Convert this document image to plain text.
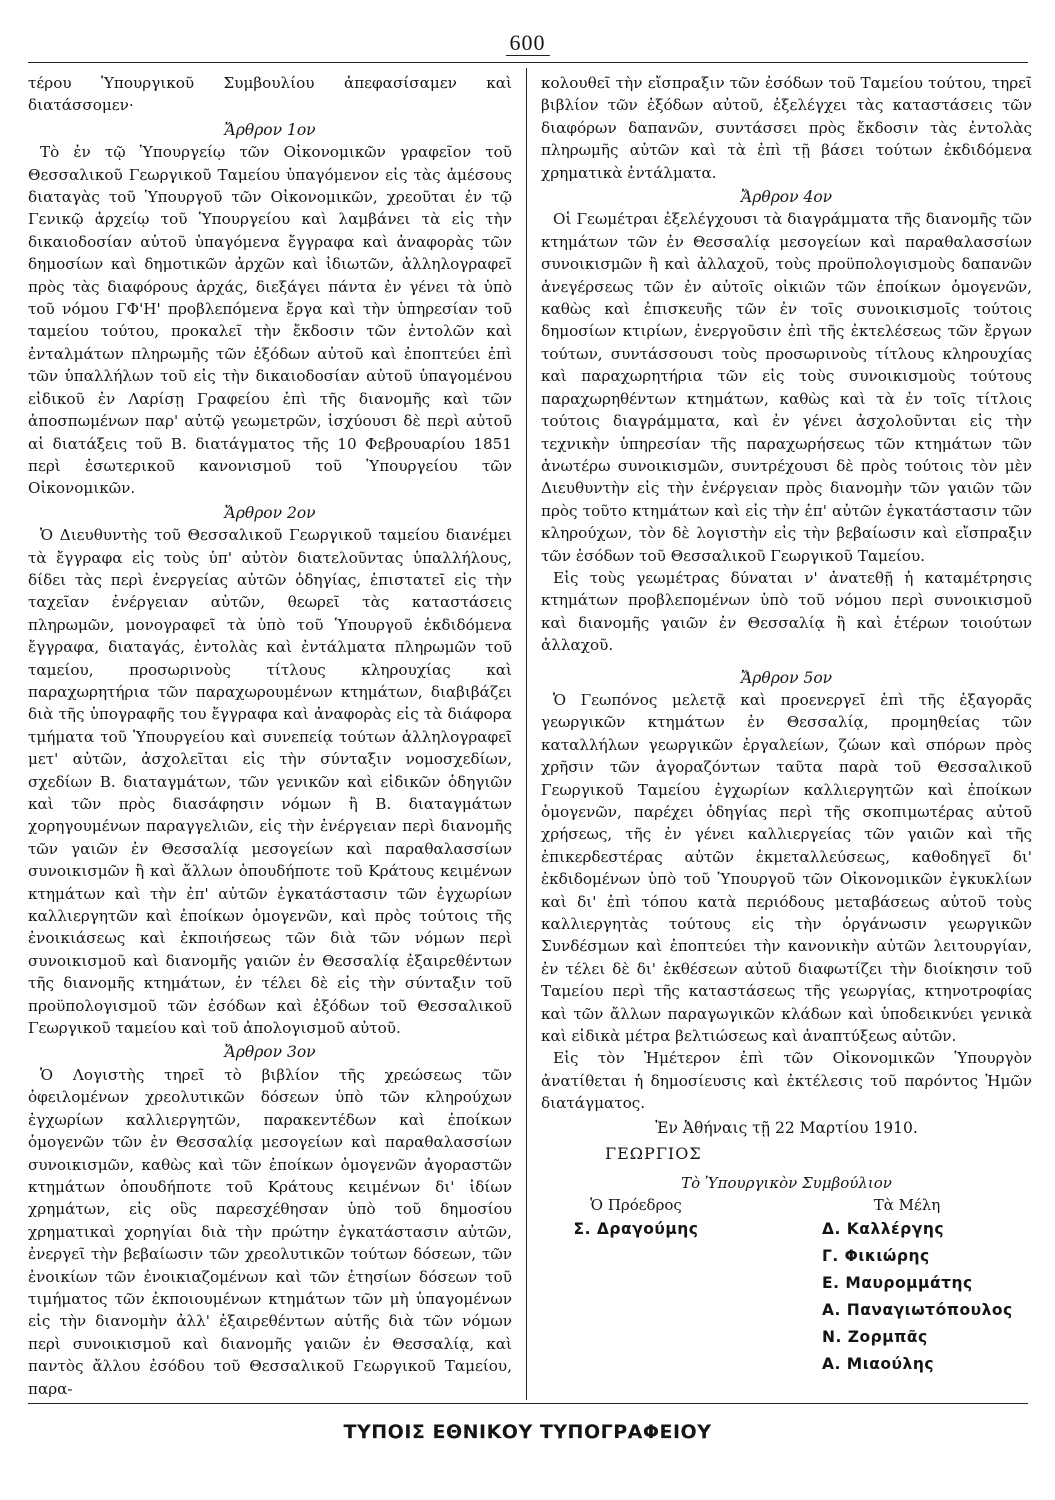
600

τέρου Ὑπουργικοῦ Συμβουλίου ἀπεφασίσαμεν καὶ διατάσσομεν·

Ἄρθρον 1ον

Τὸ ἐν τῷ Ὑπουργείῳ τῶν Οἰκονομικῶν γραφεῖον τοῦ Θεσσαλικοῦ Γεωργικοῦ Ταμείου ὑπαγόμενον εἰς τὰς ἀμέσους διαταγὰς τοῦ Ὑπουργοῦ τῶν Οἰκονομικῶν, χρεοῦται ἐν τῷ Γενικῷ ἀρχείῳ τοῦ Ὑπουργείου καὶ λαμβάνει τὰ εἰς τὴν δικαιοδοσίαν αὐτοῦ ὑπαγόμενα ἔγγραφα καὶ ἀναφορὰς τῶν δημοσίων καὶ δημοτικῶν ἀρχῶν καὶ ἰδιωτῶν, ἀλληλογραφεῖ πρὸς τὰς διαφόρους ἀρχάς, διεξάγει πάντα ἐν γένει τὰ ὑπὸ τοῦ νόμου ΓΦ'Η' προβλεπόμενα ἔργα καὶ τὴν ὑπηρεσίαν τοῦ ταμείου τούτου, προκαλεῖ τὴν ἔκδοσιν τῶν ἐντολῶν καὶ ἐνταλμάτων πληρωμῆς τῶν ἐξόδων αὐτοῦ καὶ ἐποπτεύει ἐπὶ τῶν ὑπαλλήλων τοῦ εἰς τὴν δικαιοδοσίαν αὐτοῦ ὑπαγομένου εἰδικοῦ ἐν Λαρίσῃ Γραφείου ἐπὶ τῆς διανομῆς καὶ τῶν ἀποσπωμένων παρ' αὐτῷ γεωμετρῶν, ἰσχύουσι δὲ περὶ αὐτοῦ αἱ διατάξεις τοῦ Β. διατάγματος τῆς 10 Φεβρουαρίου 1851 περὶ ἐσωτερικοῦ κανονισμοῦ τοῦ Ὑπουργείου τῶν Οἰκονομικῶν.

Ἄρθρον 2ον

Ὁ Διευθυντὴς τοῦ Θεσσαλικοῦ Γεωργικοῦ ταμείου διανέμει τὰ ἔγγραφα εἰς τοὺς ὑπ' αὐτὸν διατελοῦντας ὑπαλλήλους, δίδει τὰς περὶ ἐνεργείας αὐτῶν ὁδηγίας, ἐπιστατεῖ εἰς τὴν ταχεῖαν ἐνέργειαν αὐτῶν, θεωρεῖ τὰς καταστάσεις πληρωμῶν, μονογραφεῖ τὰ ὑπὸ τοῦ Ὑπουργοῦ ἐκδιδόμενα ἔγγραφα, διαταγάς, ἐντολὰς καὶ ἐντάλματα πληρωμῶν τοῦ ταμείου, προσωρινοὺς τίτλους κληρουχίας καὶ παραχωρητήρια τῶν παραχωρουμένων κτημάτων, διαβιβάζει διὰ τῆς ὑπογραφῆς του ἔγγραφα καὶ ἀναφορὰς εἰς τὰ διάφορα τμήματα τοῦ Ὑπουργείου καὶ συνεπείᾳ τούτων ἀλληλογραφεῖ μετ' αὐτῶν, ἀσχολεῖται εἰς τὴν σύνταξιν νομοσχεδίων, σχεδίων Β. διαταγμάτων, τῶν γενικῶν καὶ εἰδικῶν ὁδηγιῶν καὶ τῶν πρὸς διασάφησιν νόμων ἢ Β. διαταγμάτων χορηγουμένων παραγγελιῶν, εἰς τὴν ἐνέργειαν περὶ διανομῆς τῶν γαιῶν ἐν Θεσσαλίᾳ μεσογείων καὶ παραθαλασσίων συνοικισμῶν ἢ καὶ ἄλλων ὁπουδήποτε τοῦ Κράτους κειμένων κτημάτων καὶ τὴν ἐπ' αὐτῶν ἐγκατάστασιν τῶν ἐγχωρίων καλλιεργητῶν καὶ ἐποίκων ὁμογενῶν, καὶ πρὸς τούτοις τῆς ἐνοικιάσεως καὶ ἐκποιήσεως τῶν διὰ τῶν νόμων περὶ συνοικισμοῦ καὶ διανομῆς γαιῶν ἐν Θεσσαλίᾳ ἐξαιρεθέντων τῆς διανομῆς κτημάτων, ἐν τέλει δὲ εἰς τὴν σύνταξιν τοῦ προϋπολογισμοῦ τῶν ἐσόδων καὶ ἐξόδων τοῦ Θεσσαλικοῦ Γεωργικοῦ ταμείου καὶ τοῦ ἀπολογισμοῦ αὐτοῦ.

Ἄρθρον 3ον

Ὁ Λογιστὴς τηρεῖ τὸ βιβλίον τῆς χρεώσεως τῶν ὀφειλομένων χρεολυτικῶν δόσεων ὑπὸ τῶν κληρούχων ἐγχωρίων καλλιεργητῶν, παρακεντέδων καὶ ἐποίκων ὁμογενῶν τῶν ἐν Θεσσαλίᾳ μεσογείων καὶ παραθαλασσίων συνοικισμῶν, καθὼς καὶ τῶν ἐποίκων ὁμογενῶν ἀγοραστῶν κτημάτων ὁπουδήποτε τοῦ Κράτους κειμένων δι' ἰδίων χρημάτων, εἰς οὓς παρεσχέθησαν ὑπὸ τοῦ δημοσίου χρηματικαὶ χορηγίαι διὰ τὴν πρώτην ἐγκατάστασιν αὐτῶν, ἐνεργεῖ τὴν βεβαίωσιν τῶν χρεολυτικῶν τούτων δόσεων, τῶν ἐνοικίων τῶν ἐνοικιαζομένων καὶ τῶν ἐτησίων δόσεων τοῦ τιμήματος τῶν ἐκποιουμένων κτημάτων τῶν μὴ ὑπαγομένων εἰς τὴν διανομὴν ἀλλ' ἐξαιρεθέντων αὐτῆς διὰ τῶν νόμων περὶ συνοικισμοῦ καὶ διανομῆς γαιῶν ἐν Θεσσαλίᾳ, καὶ παντὸς ἄλλου ἐσόδου τοῦ Θεσσαλικοῦ Γεωργικοῦ Ταμείου, παρα-

κολουθεῖ τὴν εἴσπραξιν τῶν ἐσόδων τοῦ Ταμείου τούτου, τηρεῖ βιβλίον τῶν ἐξόδων αὐτοῦ, ἐξελέγχει τὰς καταστάσεις τῶν διαφόρων δαπανῶν, συντάσσει πρὸς ἔκδοσιν τὰς ἐντολὰς πληρωμῆς αὐτῶν καὶ τὰ ἐπὶ τῇ βάσει τούτων ἐκδιδόμενα χρηματικὰ ἐντάλματα.

Ἄρθρον 4ον

Οἱ Γεωμέτραι ἐξελέγχουσι τὰ διαγράμματα τῆς διανομῆς τῶν κτημάτων τῶν ἐν Θεσσαλίᾳ μεσογείων καὶ παραθαλασσίων συνοικισμῶν ἢ καὶ ἀλλαχοῦ, τοὺς προϋπολογισμοὺς δαπανῶν ἀνεγέρσεως τῶν ἐν αὐτοῖς οἰκιῶν τῶν ἐποίκων ὁμογενῶν, καθὼς καὶ ἐπισκευῆς τῶν ἐν τοῖς συνοικισμοῖς τούτοις δημοσίων κτιρίων, ἐνεργοῦσιν ἐπὶ τῆς ἐκτελέσεως τῶν ἔργων τούτων, συντάσσουσι τοὺς προσωρινοὺς τίτλους κληρουχίας καὶ παραχωρητήρια τῶν εἰς τοὺς συνοικισμοὺς τούτους παραχωρηθέντων κτημάτων, καθὼς καὶ τὰ ἐν τοῖς τίτλοις τούτοις διαγράμματα, καὶ ἐν γένει ἀσχολοῦνται εἰς τὴν τεχνικὴν ὑπηρεσίαν τῆς παραχωρήσεως τῶν κτημάτων τῶν ἀνωτέρω συνοικισμῶν, συντρέχουσι δὲ πρὸς τούτοις τὸν μὲν Διευθυντὴν εἰς τὴν ἐνέργειαν πρὸς διανομὴν τῶν γαιῶν τῶν πρὸς τοῦτο κτημάτων καὶ εἰς τὴν ἐπ' αὐτῶν ἐγκατάστασιν τῶν κληρούχων, τὸν δὲ λογιστὴν εἰς τὴν βεβαίωσιν καὶ εἴσπραξιν τῶν ἐσόδων τοῦ Θεσσαλικοῦ Γεωργικοῦ Ταμείου.

Εἰς τοὺς γεωμέτρας δύναται ν' ἀνατεθῇ ἡ καταμέτρησις κτημάτων προβλεπομένων ὑπὸ τοῦ νόμου περὶ συνοικισμοῦ καὶ διανομῆς γαιῶν ἐν Θεσσαλίᾳ ἢ καὶ ἑτέρων τοιούτων ἀλλαχοῦ.

Ἄρθρον 5ον

Ὁ Γεωπόνος μελετᾷ καὶ προενεργεῖ ἐπὶ τῆς ἐξαγορᾶς γεωργικῶν κτημάτων ἐν Θεσσαλίᾳ, προμηθείας τῶν καταλλήλων γεωργικῶν ἐργαλείων, ζώων καὶ σπόρων πρὸς χρῆσιν τῶν ἀγοραζόντων ταῦτα παρὰ τοῦ Θεσσαλικοῦ Γεωργικοῦ Ταμείου ἐγχωρίων καλλιεργητῶν καὶ ἐποίκων ὁμογενῶν, παρέχει ὁδηγίας περὶ τῆς σκοπιμωτέρας αὐτοῦ χρήσεως, τῆς ἐν γένει καλλιεργείας τῶν γαιῶν καὶ τῆς ἐπικερδεστέρας αὐτῶν ἐκμεταλλεύσεως, καθοδηγεῖ δι' ἐκδιδομένων ὑπὸ τοῦ Ὑπουργοῦ τῶν Οἰκονομικῶν ἐγκυκλίων καὶ δι' ἐπὶ τόπου κατὰ περιόδους μεταβάσεως αὐτοῦ τοὺς καλλιεργητὰς τούτους εἰς τὴν ὀργάνωσιν γεωργικῶν Συνδέσμων καὶ ἐποπτεύει τὴν κανονικὴν αὐτῶν λειτουργίαν, ἐν τέλει δὲ δι' ἐκθέσεων αὐτοῦ διαφωτίζει τὴν διοίκησιν τοῦ Ταμείου περὶ τῆς καταστάσεως τῆς γεωργίας, κτηνοτροφίας καὶ τῶν ἄλλων παραγωγικῶν κλάδων καὶ ὑποδεικνύει γενικὰ καὶ εἰδικὰ μέτρα βελτιώσεως καὶ ἀναπτύξεως αὐτῶν.

Εἰς τὸν Ἡμέτερον ἐπὶ τῶν Οἰκονομικῶν Ὑπουργὸν ἀνατίθεται ἡ δημοσίευσις καὶ ἐκτέλεσις τοῦ παρόντος Ἡμῶν διατάγματος.

Ἐν Ἀθήναις τῇ 22 Μαρτίου 1910.
ΓΕΩΡΓΙΟΣ
Τὸ Ὑπουργικὸν Συμβούλιον
Ὁ Πρόεδρος
Σ. Δραγούμης
Τὰ Μέλη
Δ. Καλλέργης
Γ. Φικιώρης
Ε. Μαυρομμάτης
Α. Παναγιωτόπουλος
Ν. Ζορμπᾶς
Α. Μιαούλης
ΤΥΠΟΙΣ ΕΘΝΙΚΟΥ ΤΥΠΟΓΡΑΦΕΙΟΥ
